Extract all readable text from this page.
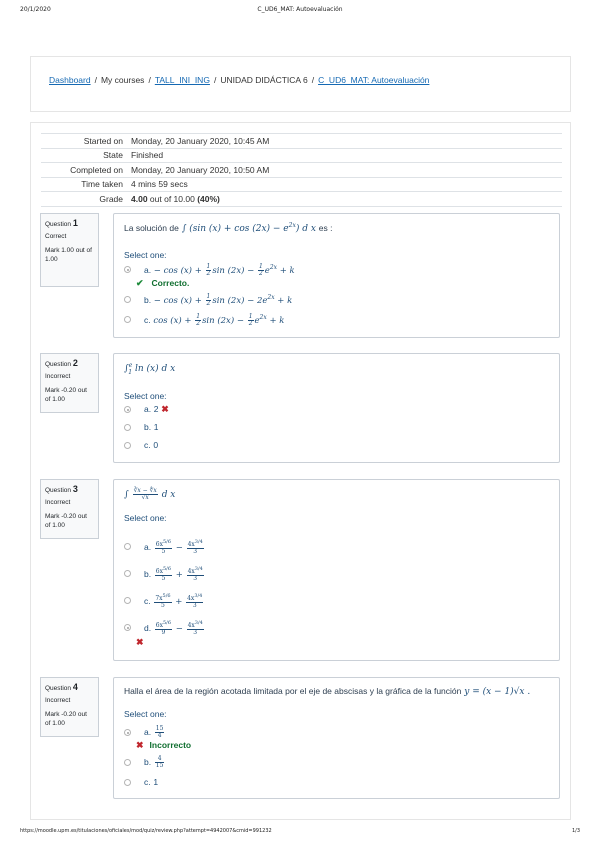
20/1/2020	C_UD6_MAT: Autoevaluación
Dashboard / My courses / TALL_INI_ING / UNIDAD DIDÁCTICA 6 / C_UD6_MAT: Autoevaluación
Started on	Monday, 20 January 2020, 10:45 AM
State	Finished
Completed on	Monday, 20 January 2020, 10:50 AM
Time taken	4 mins 59 secs
Grade	4.00 out of 10.00 (40%)
Question 1
Correct
Mark 1.00 out of 1.00
La solución de ∫ (sin $(x) + \cos (2x) - e^{2x}$) d x es :
Select one:
a. − $\cos (x) + \frac{1}{2}$ $\sin (2x) - \frac{1}{2} e^{2x} + k$
✔ Correcto.
b. − $\cos (x) + \frac{1}{2}$ $\sin (2x) - 2e^{2x} + k$
c. $\cos (x) + \frac{1}{2}$ $\sin (2x) - \frac{1}{2} e^{2x} + k$
Question 2
Incorrect
Mark -0.20 out of 1.00
∫$^e_1$ ln (x) d x
Select one:
a. 2 ✖
b. 1
c. 0
Question 3
Incorrect
Mark -0.20 out of 1.00
∫ $\frac{∛x - ∜x}{√x}$ d x
Select one:
a. $\frac{6x^{5/6}}{5} - \frac{4x^{3/4}}{3}$
b. $\frac{6x^{5/6}}{5} + \frac{4x^{3/4}}{3}$
c. $\frac{7x^{5/6}}{5} + \frac{4x^{3/4}}{3}$
d. $\frac{6x^{5/6}}{9} - \frac{4x^{3/4}}{3}$
✖
Question 4
Incorrect
Mark -0.20 out of 1.00
Halla el área de la región acotada limitada por el eje de abscisas y la gráfica de la función y = (x − 1)√x .
Select one:
a. $\frac{15}{4}$
✖ Incorrecto
b. $\frac{4}{15}$
c. 1
https://moodle.upm.es/titulaciones/oficiales/mod/quiz/review.php?attempt=4942007&cmid=991232	1/3
